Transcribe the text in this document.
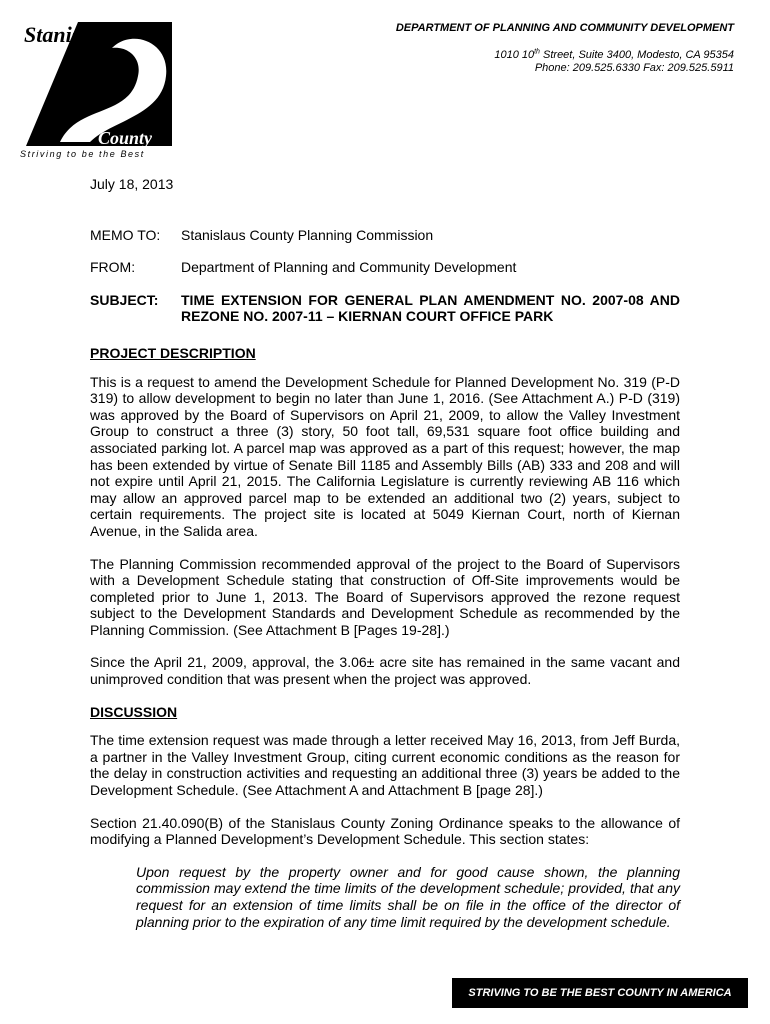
Stanislaus
County
Striving to be the Best
DEPARTMENT OF PLANNING AND COMMUNITY DEVELOPMENT
1010 10th Street, Suite 3400, Modesto, CA 95354
Phone: 209.525.6330 Fax: 209.525.5911
July 18, 2013
MEMO TO:	Stanislaus County Planning Commission
FROM:	Department of Planning and Community Development
SUBJECT:	TIME EXTENSION FOR GENERAL PLAN AMENDMENT NO. 2007-08 AND REZONE NO. 2007-11 – KIERNAN COURT OFFICE PARK
PROJECT DESCRIPTION

This is a request to amend the Development Schedule for Planned Development No. 319 (P-D 319) to allow development to begin no later than June 1, 2016. (See Attachment A.) P-D (319) was approved by the Board of Supervisors on April 21, 2009, to allow the Valley Investment Group to construct a three (3) story, 50 foot tall, 69,531 square foot office building and associated parking lot. A parcel map was approved as a part of this request; however, the map has been extended by virtue of Senate Bill 1185 and Assembly Bills (AB) 333 and 208 and will not expire until April 21, 2015. The California Legislature is currently reviewing AB 116 which may allow an approved parcel map to be extended an additional two (2) years, subject to certain requirements. The project site is located at 5049 Kiernan Court, north of Kiernan Avenue, in the Salida area.

The Planning Commission recommended approval of the project to the Board of Supervisors with a Development Schedule stating that construction of Off-Site improvements would be completed prior to June 1, 2013. The Board of Supervisors approved the rezone request subject to the Development Standards and Development Schedule as recommended by the Planning Commission. (See Attachment B [Pages 19-28].)

Since the April 21, 2009, approval, the 3.06± acre site has remained in the same vacant and unimproved condition that was present when the project was approved.

DISCUSSION

The time extension request was made through a letter received May 16, 2013, from Jeff Burda, a partner in the Valley Investment Group, citing current economic conditions as the reason for the delay in construction activities and requesting an additional three (3) years be added to the Development Schedule. (See Attachment A and Attachment B [page 28].)

Section 21.40.090(B) of the Stanislaus County Zoning Ordinance speaks to the allowance of modifying a Planned Development’s Development Schedule. This section states:

Upon request by the property owner and for good cause shown, the planning commission may extend the time limits of the development schedule; provided, that any request for an extension of time limits shall be on file in the office of the director of planning prior to the expiration of any time limit required by the development schedule.
STRIVING TO BE THE BEST COUNTY IN AMERICA
